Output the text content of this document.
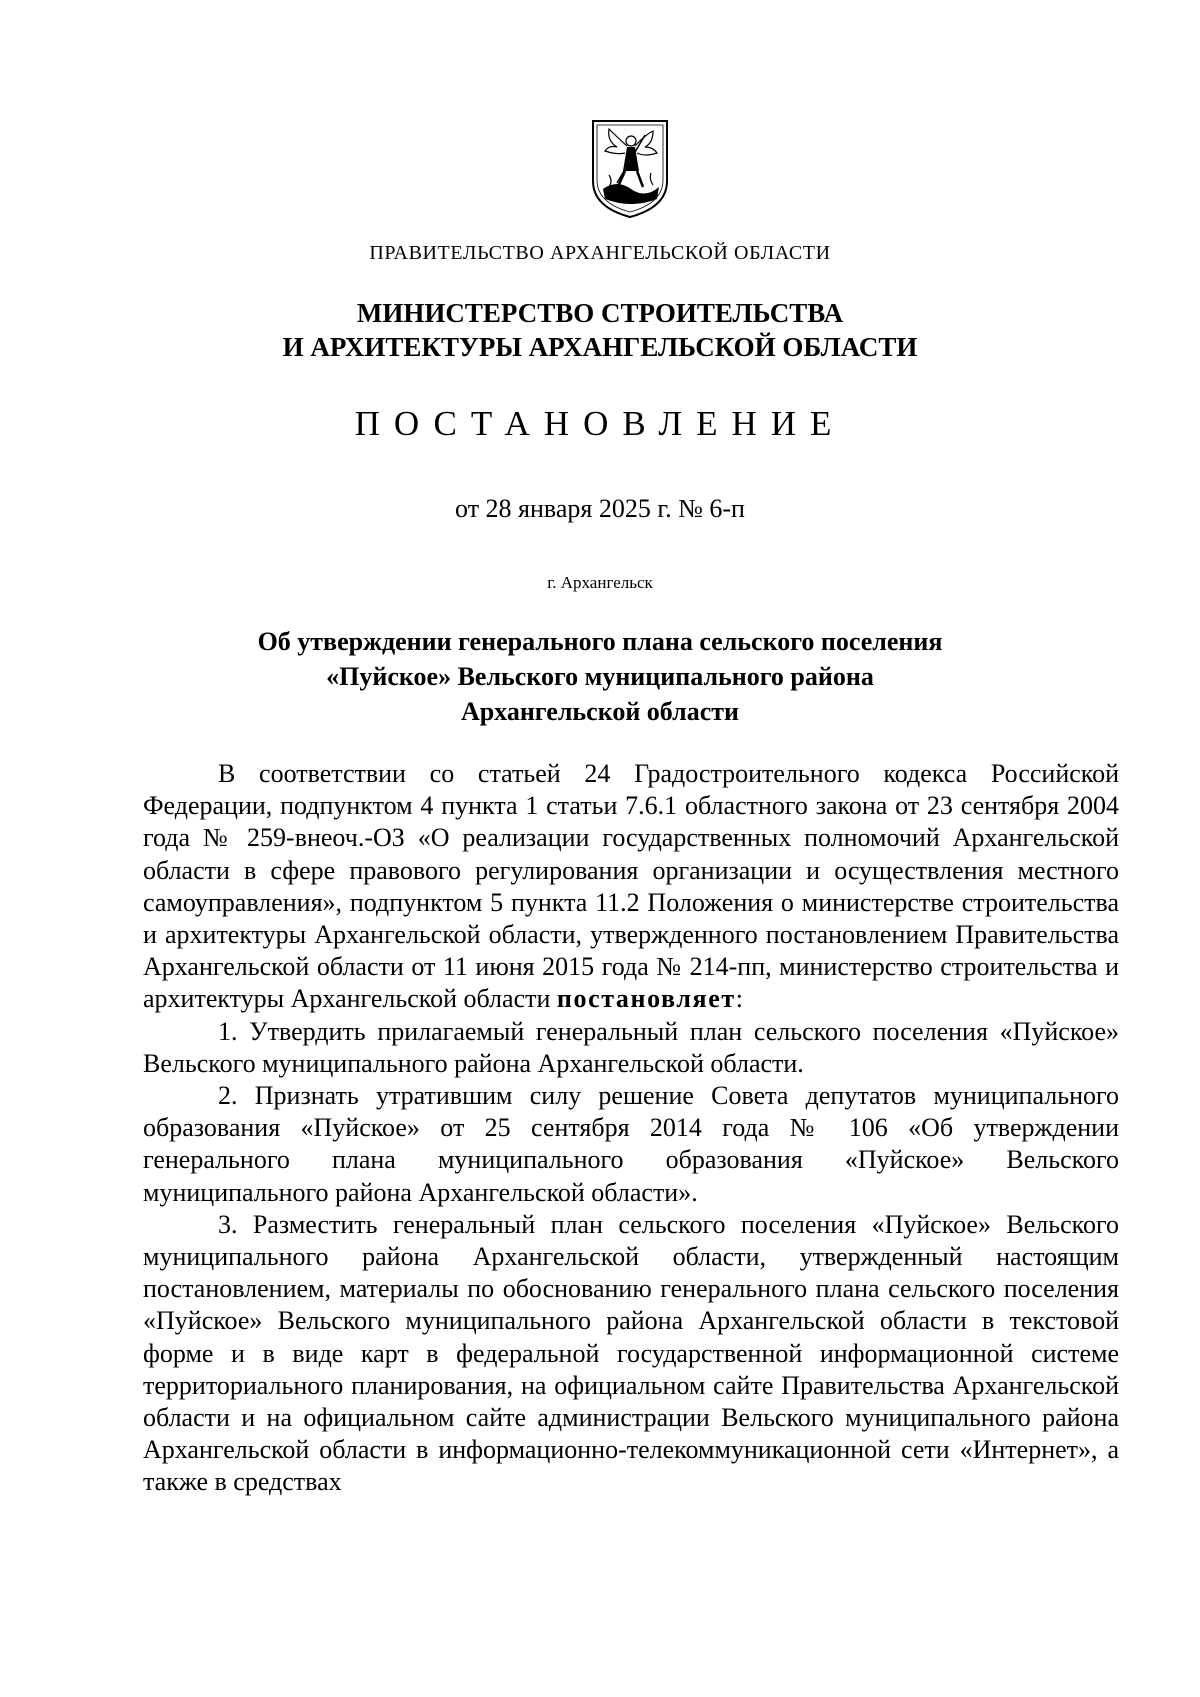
ПРАВИТЕЛЬСТВО АРХАНГЕЛЬСКОЙ ОБЛАСТИ
МИНИСТЕРСТВО СТРОИТЕЛЬСТВА
И АРХИТЕКТУРЫ АРХАНГЕЛЬСКОЙ ОБЛАСТИ
ПОСТАНОВЛЕНИЕ
от 28 января 2025 г. № 6-п
г. Архангельск
Об утверждении генерального плана сельского поселения
«Пуйское» Вельского муниципального района
Архангельской области

В соответствии со статьей 24 Градостроительного кодекса Российской Федерации, подпунктом 4 пункта 1 статьи 7.6.1 областного закона от 23 сентября 2004 года № 259-внеоч.-ОЗ «О реализации государственных полномочий Архангельской области в сфере правового регулирования организации и осуществления местного самоуправления», подпунктом 5 пункта 11.2 Положения о министерстве строительства и архитектуры Архангельской области, утвержденного постановлением Правительства Архангельской области от 11 июня 2015 года № 214-пп, министерство строительства и архитектуры Архангельской области постановляет:

1. Утвердить прилагаемый генеральный план сельского поселения «Пуйское» Вельского муниципального района Архангельской области.

2. Признать утратившим силу решение Совета депутатов муниципального образования «Пуйское» от 25 сентября 2014 года № 106 «Об утверждении генерального плана муниципального образования «Пуйское» Вельского муниципального района Архангельской области».

3. Разместить генеральный план сельского поселения «Пуйское» Вельского муниципального района Архангельской области, утвержденный настоящим постановлением, материалы по обоснованию генерального плана сельского поселения «Пуйское» Вельского муниципального района Архангельской области в текстовой форме и в виде карт в федеральной государственной информационной системе территориального планирования, на официальном сайте Правительства Архангельской области и на официальном сайте администрации Вельского муниципального района Архангельской области в информационно-телекоммуникационной сети «Интернет», а также в средствах
